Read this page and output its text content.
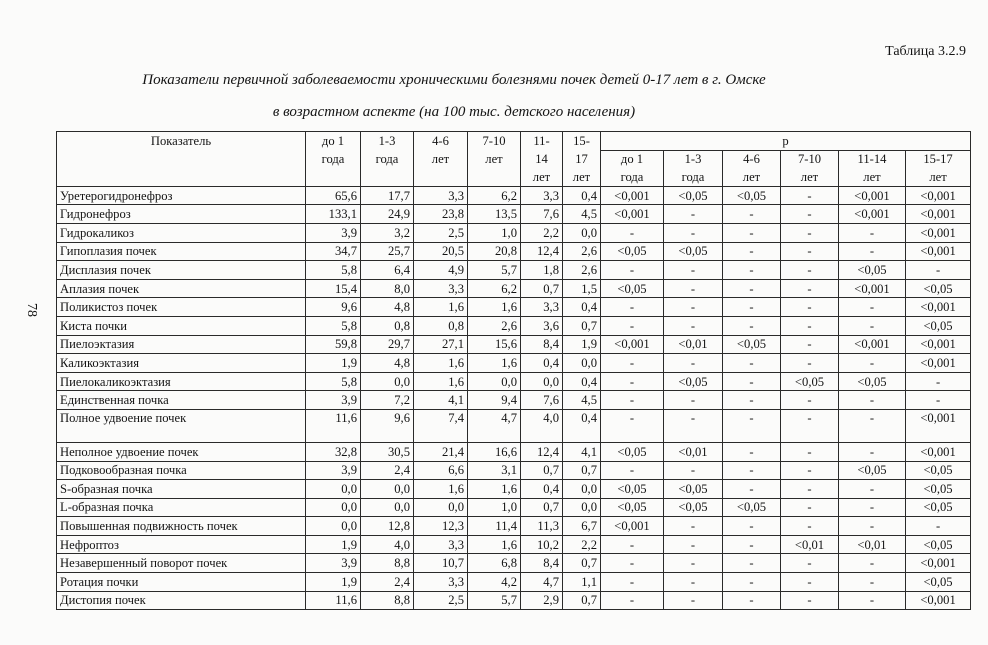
Таблица 3.2.9
Показатели первичной заболеваемости хроническими болезнями почек детей 0-17 лет в г. Омске
в возрастном аспекте (на 100 тыс. детского населения)
78
Показатель	до 1	1-3	4-6	7-10	11-	15-	р					
	года	года	лет	лет	14	17	до 1	1-3	4-6	7-10	11-14	15-17
					лет	лет	года	года	лет	лет	лет	лет
Уретерогидронефроз	65,6	17,7	3,3	6,2	3,3	0,4	<0,001	<0,05	<0,05	-	<0,001	<0,001
Гидронефроз	133,1	24,9	23,8	13,5	7,6	4,5	<0,001	-	-	-	<0,001	<0,001
Гидрокаликоз	3,9	3,2	2,5	1,0	2,2	0,0	-	-	-	-	-	<0,001
Гипоплазия почек	34,7	25,7	20,5	20,8	12,4	2,6	<0,05	<0,05	-	-	-	<0,001
Дисплазия почек	5,8	6,4	4,9	5,7	1,8	2,6	-	-	-	-	<0,05	-
Аплазия почек	15,4	8,0	3,3	6,2	0,7	1,5	<0,05	-	-	-	<0,001	<0,05
Поликистоз почек	9,6	4,8	1,6	1,6	3,3	0,4	-	-	-	-	-	<0,001
Киста почки	5,8	0,8	0,8	2,6	3,6	0,7	-	-	-	-	-	<0,05
Пиелоэктазия	59,8	29,7	27,1	15,6	8,4	1,9	<0,001	<0,01	<0,05	-	<0,001	<0,001
Каликоэктазия	1,9	4,8	1,6	1,6	0,4	0,0	-	-	-	-	-	<0,001
Пиелокаликоэктазия	5,8	0,0	1,6	0,0	0,0	0,4	-	<0,05	-	<0,05	<0,05	-
Единственная почка	3,9	7,2	4,1	9,4	7,6	4,5	-	-	-	-	-	-
Полное удвоение почек	11,6	9,6	7,4	4,7	4,0	0,4	-	-	-	-	-	<0,001
Неполное удвоение почек	32,8	30,5	21,4	16,6	12,4	4,1	<0,05	<0,01	-	-	-	<0,001
Подковообразная почка	3,9	2,4	6,6	3,1	0,7	0,7	-	-	-	-	<0,05	<0,05
S-образная почка	0,0	0,0	1,6	1,6	0,4	0,0	<0,05	<0,05	-	-	-	<0,05
L-образная почка	0,0	0,0	0,0	1,0	0,7	0,0	<0,05	<0,05	<0,05	-	-	<0,05
Повышенная подвижность почек	0,0	12,8	12,3	11,4	11,3	6,7	<0,001	-	-	-	-	-
Нефроптоз	1,9	4,0	3,3	1,6	10,2	2,2	-	-	-	<0,01	<0,01	<0,05
Незавершенный поворот почек	3,9	8,8	10,7	6,8	8,4	0,7	-	-	-	-	-	<0,001
Ротация почки	1,9	2,4	3,3	4,2	4,7	1,1	-	-	-	-	-	<0,05
Дистопия почек	11,6	8,8	2,5	5,7	2,9	0,7	-	-	-	-	-	<0,001
